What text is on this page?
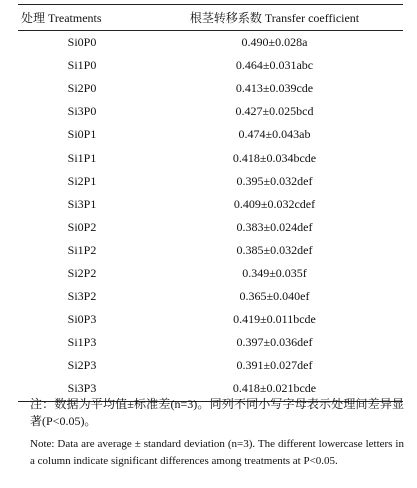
处理 Treatments	根茎转移系数 Transfer coefficient
Si0P0	0.490±0.028a
Si1P0	0.464±0.031abc
Si2P0	0.413±0.039cde
Si3P0	0.427±0.025bcd
Si0P1	0.474±0.043ab
Si1P1	0.418±0.034bcde
Si2P1	0.395±0.032def
Si3P1	0.409±0.032cdef
Si0P2	0.383±0.024def
Si1P2	0.385±0.032def
Si2P2	0.349±0.035f
Si3P2	0.365±0.040ef
Si0P3	0.419±0.011bcde
Si1P3	0.397±0.036def
Si2P3	0.391±0.027def
Si3P3	0.418±0.021bcde
注：数据为平均值±标准差(n=3)。同列不同小写字母表示处理间差异显著(P<0.05)。
Note: Data are average ± standard deviation (n=3). The different lowercase letters in a column indicate significant differences among treatments at P<0.05.
